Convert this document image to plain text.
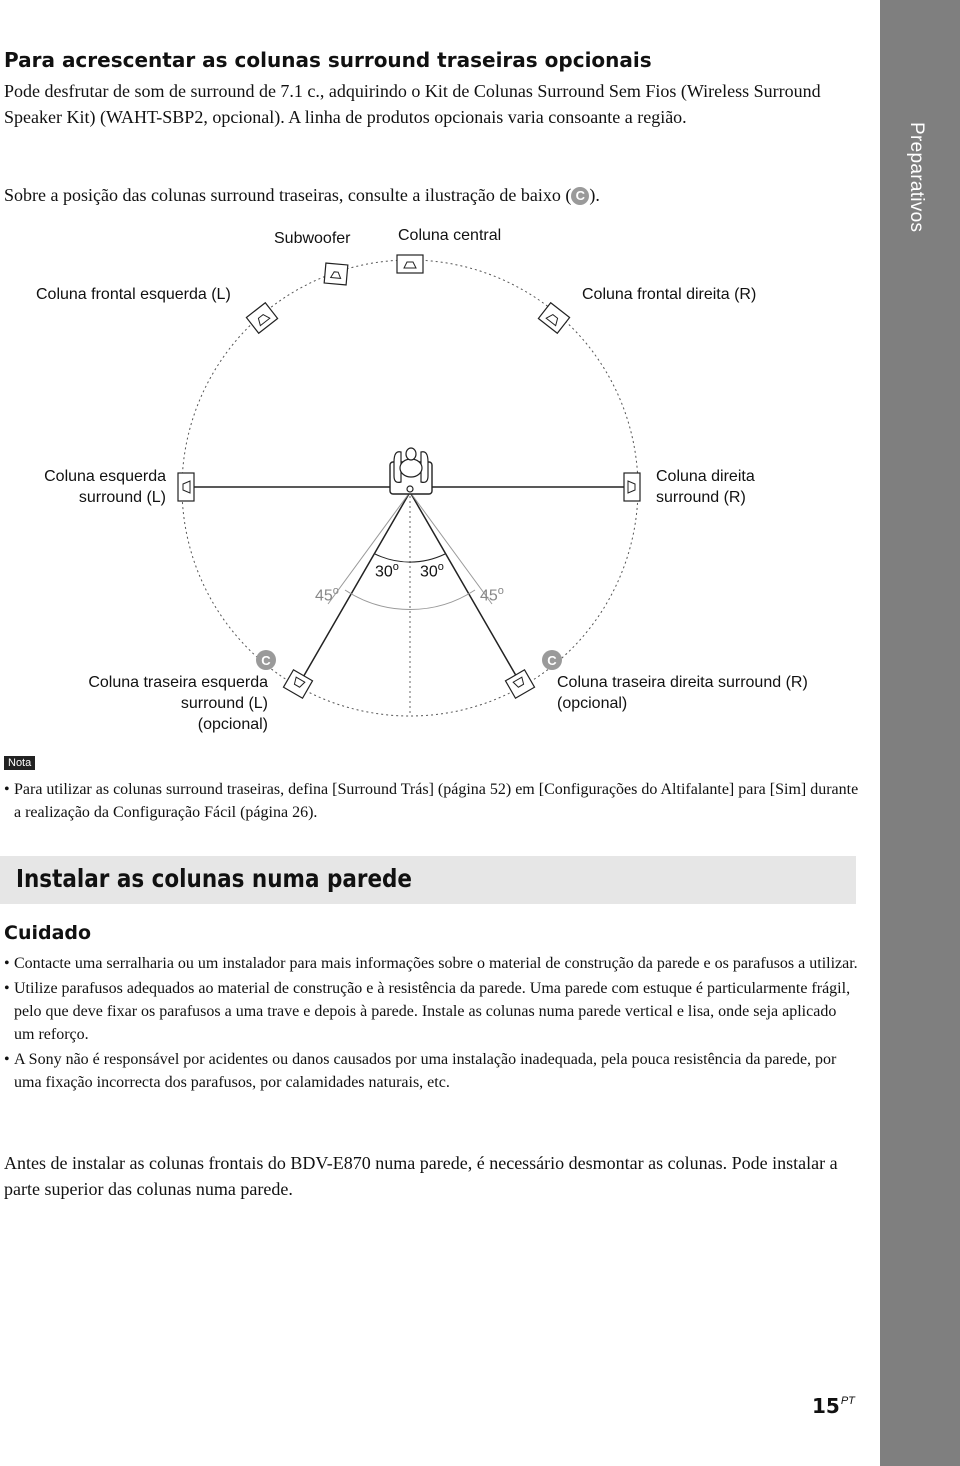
Preparativos
Para acrescentar as colunas surround traseiras opcionais
Pode desfrutar de som de surround de 7.1 c., adquirindo o Kit de Colunas Surround Sem Fios (Wireless Surround Speaker Kit) (WAHT-SBP2, opcional). A linha de produtos opcionais varia consoante a região.
Sobre a posição das colunas surround traseiras, consulte a ilustração de baixo ( C ).
C	C
Subwoofer	Coluna central
Coluna frontal esquerda (L)	Coluna frontal direita (R)
Coluna esquerda
surround (L)
Coluna direita
surround (R)
30$^o$ 30$^o$
45$^o$	45$^o$
Coluna traseira esquerda
surround (L)
(opcional)
Coluna traseira direita surround (R)
(opcional)
Nota
• Para utilizar as colunas surround traseiras, defina [Surround Trás] (página 52) em [Configurações do Altifalante] para [Sim] durante a realização da Configuração Fácil (página 26).
Instalar as colunas numa parede
Cuidado
• Contacte uma serralharia ou um instalador para mais informações sobre o material de construção da parede e os parafusos a utilizar.
• Utilize parafusos adequados ao material de construção e à resistência da parede. Uma parede com estuque é particularmente frágil, pelo que deve fixar os parafusos a uma trave e depois à parede. Instale as colunas numa parede vertical e lisa, onde seja aplicado um reforço.
• A Sony não é responsável por acidentes ou danos causados por uma instalação inadequada, pela pouca resistência da parede, por uma fixação incorrecta dos parafusos, por calamidades naturais, etc.
Antes de instalar as colunas frontais do BDV-E870 numa parede, é necessário desmontar as colunas. Pode instalar a parte superior das colunas numa parede.
$15^{PT}$
